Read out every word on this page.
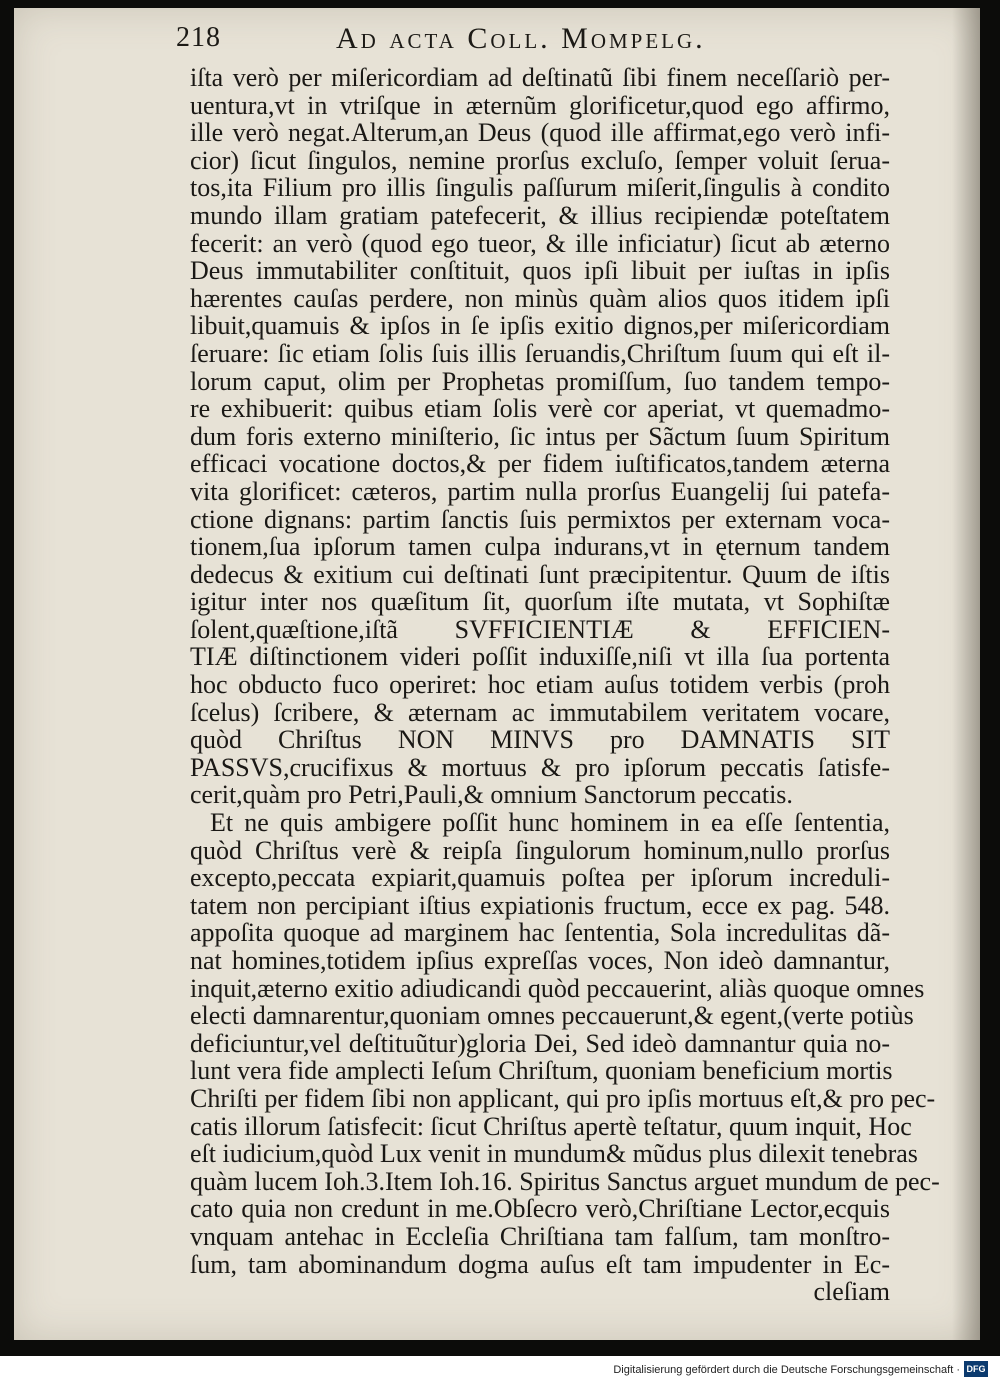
218	Ad acta Coll. Mompelg.
iſta verò per miſericordiam ad deſtinatũ ſibi finem neceſſariò per-
uentura,vt in vtriſque in æternũm glorificetur,quod ego affirmo,
ille verò negat.Alterum,an Deus (quod ille affirmat,ego verò infi-
cior) ſicut ſingulos, nemine prorſus excluſo, ſemper voluit ſerua-
tos,ita Filium pro illis ſingulis paſſurum miſerit,ſingulis à condito
mundo illam gratiam patefecerit, & illius recipiendæ poteſtatem
fecerit: an verò (quod ego tueor, & ille inficiatur) ſicut ab æterno
Deus immutabiliter conſtituit, quos ipſi libuit per iuſtas in ipſis
hærentes cauſas perdere, non minùs quàm alios quos itidem ipſi
libuit,quamuis & ipſos in ſe ipſis exitio dignos,per miſericordiam
ſeruare: ſic etiam ſolis ſuis illis ſeruandis,Chriſtum ſuum qui eſt il-
lorum caput, olim per Prophetas promiſſum, ſuo tandem tempo-
re exhibuerit: quibus etiam ſolis verè cor aperiat, vt quemadmo-
dum foris externo miniſterio, ſic intus per Sãctum ſuum Spiritum
efficaci vocatione doctos,& per fidem iuſtificatos,tandem æterna
vita glorificet: cæteros, partim nulla prorſus Euangelij ſui patefa-
ctione dignans: partim ſanctis ſuis permixtos per externam voca-
tionem,ſua ipſorum tamen culpa indurans,vt in ęternum tandem
dedecus & exitium cui deſtinati ſunt præcipitentur. Quum de iſtis
igitur inter nos quæſitum ſit, quorſum iſte mutata, vt Sophiſtæ
ſolent,quæſtione,iſtã SVFFICIENTIÆ & EFFICIEN-
TIÆ diſtinctionem videri poſſit induxiſſe,niſi vt illa ſua portenta
hoc obducto fuco operiret: hoc etiam auſus totidem verbis (proh
ſcelus) ſcribere, & æternam ac immutabilem veritatem vocare,
quòd Chriſtus NON MINVS pro DAMNATIS SIT
PASSVS,crucifixus & mortuus & pro ipſorum peccatis ſatisfe-
cerit,quàm pro Petri,Pauli,& omnium Sanctorum peccatis.
Et ne quis ambigere poſſit hunc hominem in ea eſſe ſententia,
quòd Chriſtus verè & reipſa ſingulorum hominum,nullo prorſus
excepto,peccata expiarit,quamuis poſtea per ipſorum increduli-
tatem non percipiant iſtius expiationis fructum, ecce ex pag. 548.
appoſita quoque ad marginem hac ſententia, Sola incredulitas dã-
nat homines,totidem ipſius expreſſas voces, Non ideò damnantur,
inquit,æterno exitio adiudicandi quòd peccauerint, aliàs quoque omnes
electi damnarentur,quoniam omnes peccauerunt,& egent,(verte potiùs
deficiuntur,vel deſtituũtur)gloria Dei, Sed ideò damnantur quia no-
lunt vera fide amplecti Ieſum Chriſtum, quoniam beneficium mortis
Chriſti per fidem ſibi non applicant, qui pro ipſis mortuus eſt,& pro pec-
catis illorum ſatisfecit: ſicut Chriſtus apertè teſtatur, quum inquit, Hoc
eſt iudicium,quòd Lux venit in mundum& mũdus plus dilexit tenebras
quàm lucem Ioh.3.Item Ioh.16. Spiritus Sanctus arguet mundum de pec-
cato quia non credunt in me.Obſecro verò,Chriſtiane Lector,ecquis
vnquam antehac in Eccleſia Chriſtiana tam falſum, tam monſtro-
ſum, tam abominandum dogma auſus eſt tam impudenter in Ec-
cleſiam
Digitalisierung gefördert durch die Deutsche Forschungsgemeinschaft · DFG
